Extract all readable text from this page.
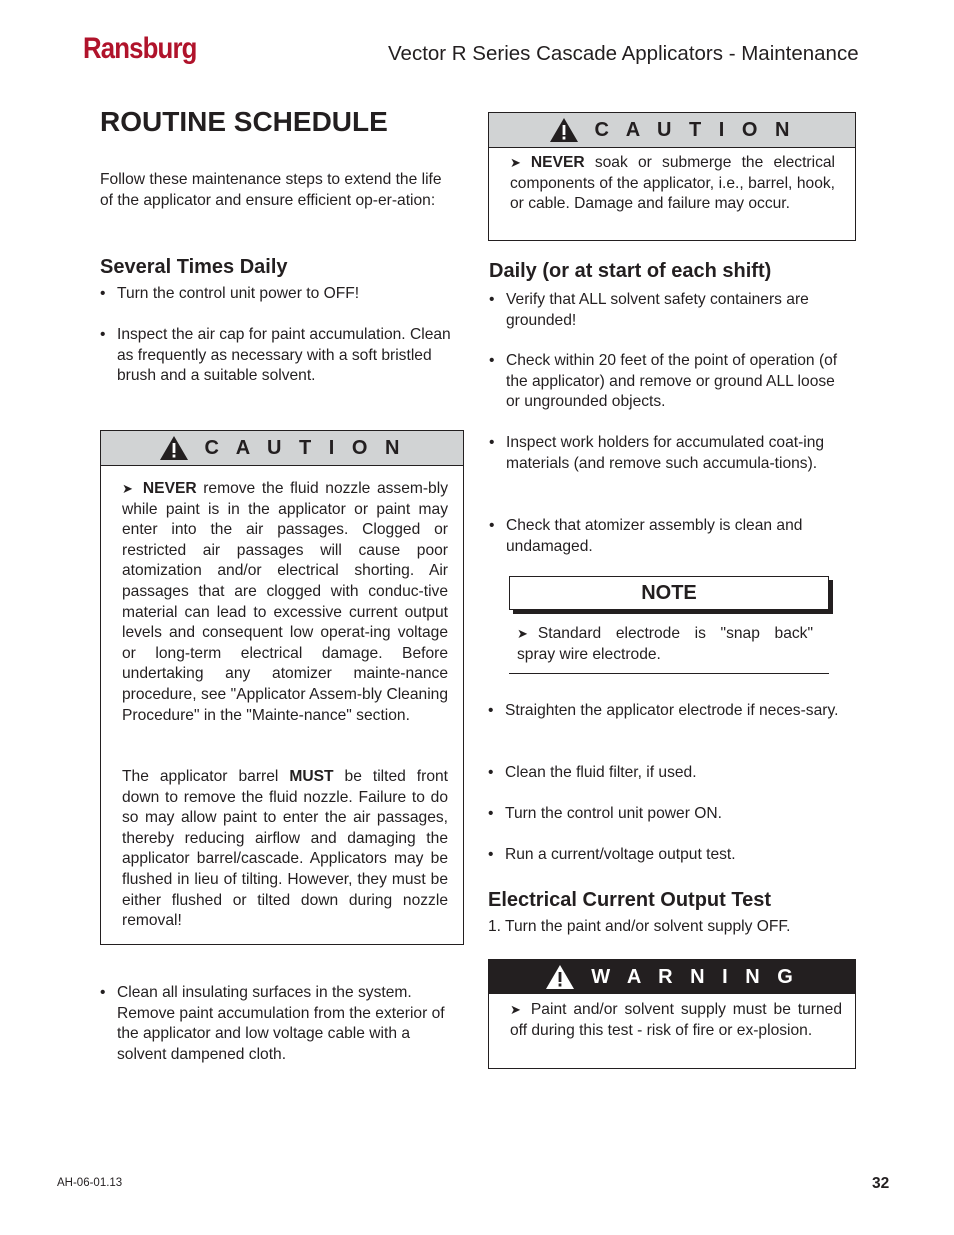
Ransburg	Vector R Series Cascade Applicators - Maintenance
ROUTINE SCHEDULE
Follow these maintenance steps to extend the life of the applicator and ensure efficient op-er-ation:
Several Times Daily
• Turn the control unit power to OFF!
• Inspect the air cap for paint accumulation. Clean as frequently as necessary with a soft bristled brush and a suitable solvent.
C A U T I O N
➤ NEVER remove the fluid nozzle assem-bly while paint is in the applicator or paint may enter into the air passages. Clogged or restricted air passages will cause poor atomization and/or electrical shorting. Air passages that are clogged with conduc-tive material can lead to excessive current output levels and consequent low operat-ing voltage or long-term electrical damage. Before undertaking any atomizer mainte-nance procedure, see "Applicator Assem-bly Cleaning Procedure" in the "Mainte-nance" section.
The applicator barrel MUST be tilted front down to remove the fluid nozzle. Failure to do so may allow paint to enter the air passages, thereby reducing airflow and damaging the applicator barrel/cascade. Applicators may be flushed in lieu of tilting. However, they must be either flushed or tilted down during nozzle removal!
• Clean all insulating surfaces in the system. Remove paint accumulation from the exterior of the applicator and low voltage cable with a solvent dampened cloth.
C A U T I O N
➤ NEVER soak or submerge the electrical components of the applicator, i.e., barrel, hook, or cable. Damage and failure may occur.
Daily (or at start of each shift)
• Verify that ALL solvent safety containers are grounded!
• Check within 20 feet of the point of operation (of the applicator) and remove or ground ALL loose or ungrounded objects.
• Inspect work holders for accumulated coat-ing materials (and remove such accumula-tions).
• Check that atomizer assembly is clean and undamaged.
NOTE
➤ Standard electrode is "snap back" spray wire electrode.
• Straighten the applicator electrode if neces-sary.
• Clean the fluid filter, if used.
• Turn the control unit power ON.
• Run a current/voltage output test.
Electrical Current Output Test
1. Turn the paint and/or solvent supply OFF.
W A R N I N G
➤ Paint and/or solvent supply must be turned off during this test - risk of fire or ex-plosion.
AH-06-01.13	32
